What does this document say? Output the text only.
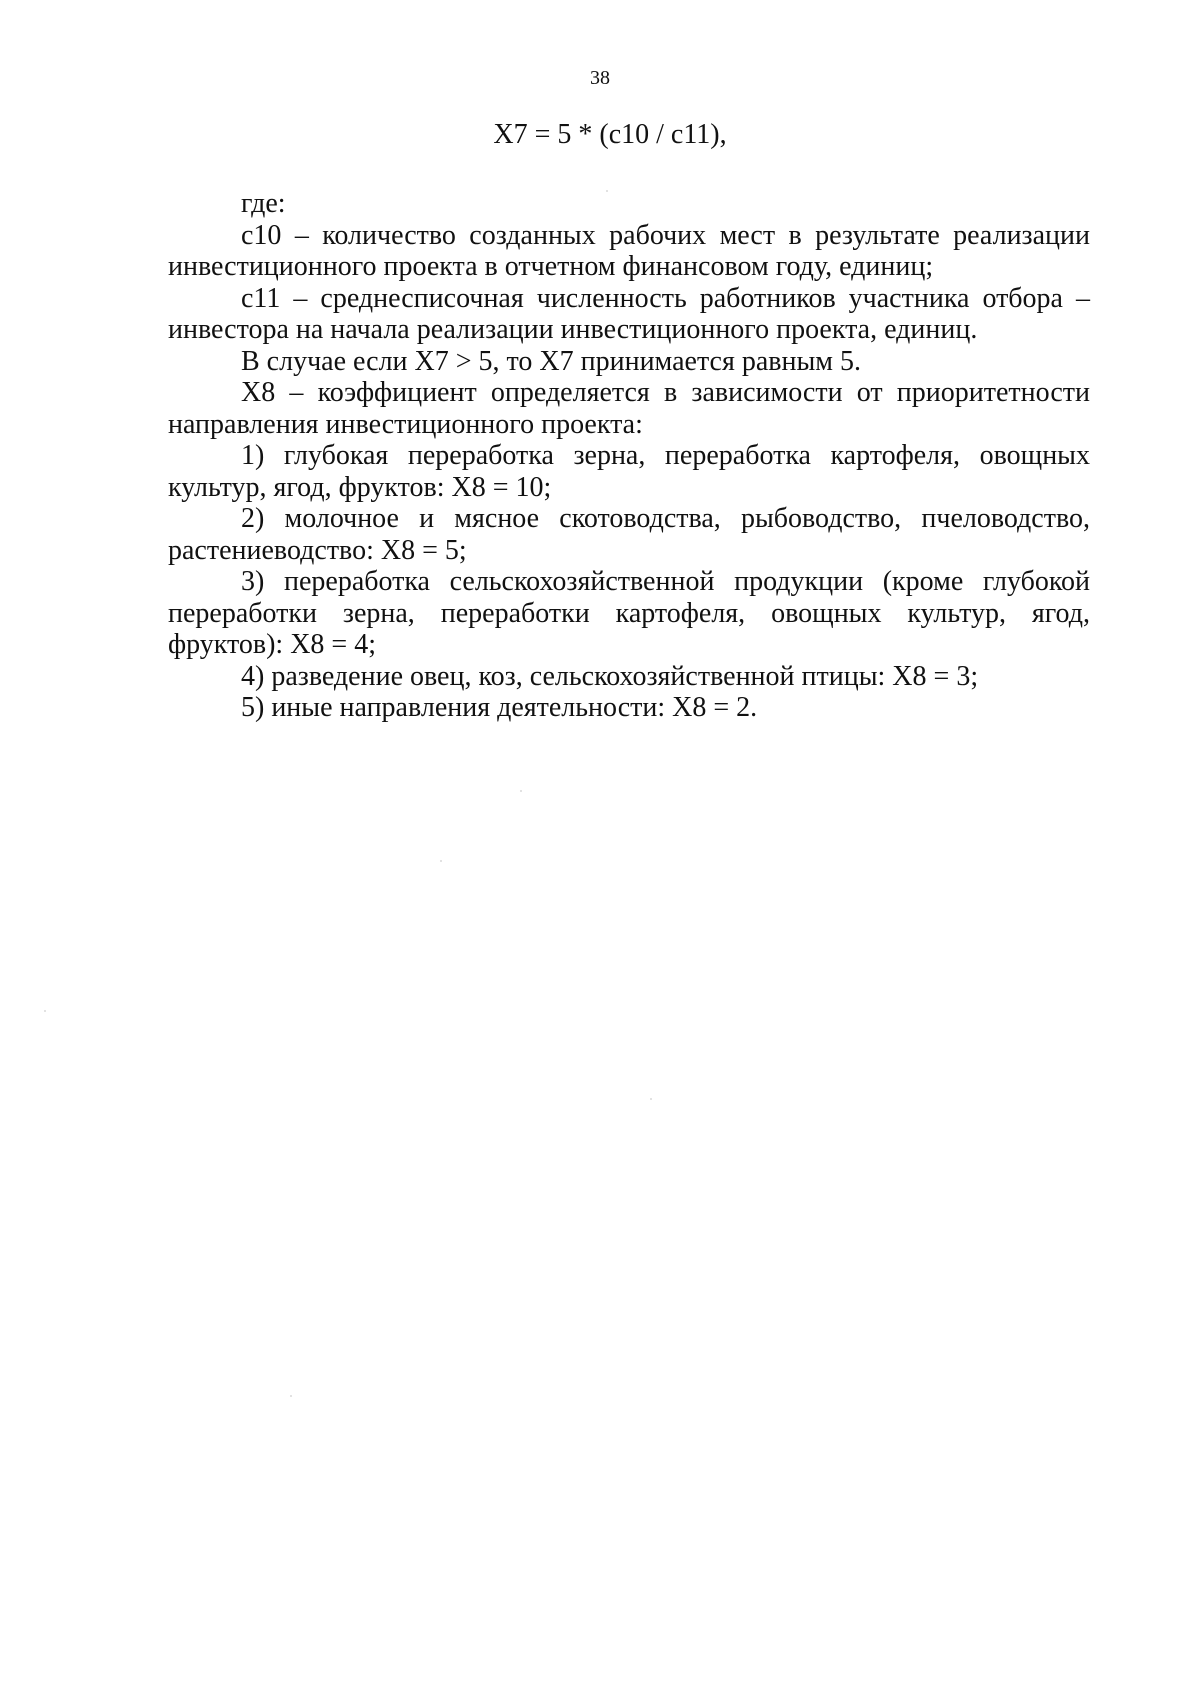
38
X7 = 5 * (c10 / c11),

где:

с10 – количество созданных рабочих мест в результате реализации инвестиционного проекта в отчетном финансовом году, единиц;

с11 – среднесписочная численность работников участника отбора – инвестора на начала реализации инвестиционного проекта, единиц.

В случае если X7 > 5, то X7 принимается равным 5.

X8 – коэффициент определяется в зависимости от приоритетности направления инвестиционного проекта:

1) глубокая переработка зерна, переработка картофеля, овощных культур, ягод, фруктов: X8 = 10;

2) молочное и мясное скотоводства, рыбоводство, пчеловодство, растениеводство: X8 = 5;

3) переработка сельскохозяйственной продукции (кроме глубокой переработки зерна, переработки картофеля, овощных культур, ягод, фруктов): X8 = 4;

4) разведение овец, коз, сельскохозяйственной птицы: X8 = 3;

5) иные направления деятельности: X8 = 2.
